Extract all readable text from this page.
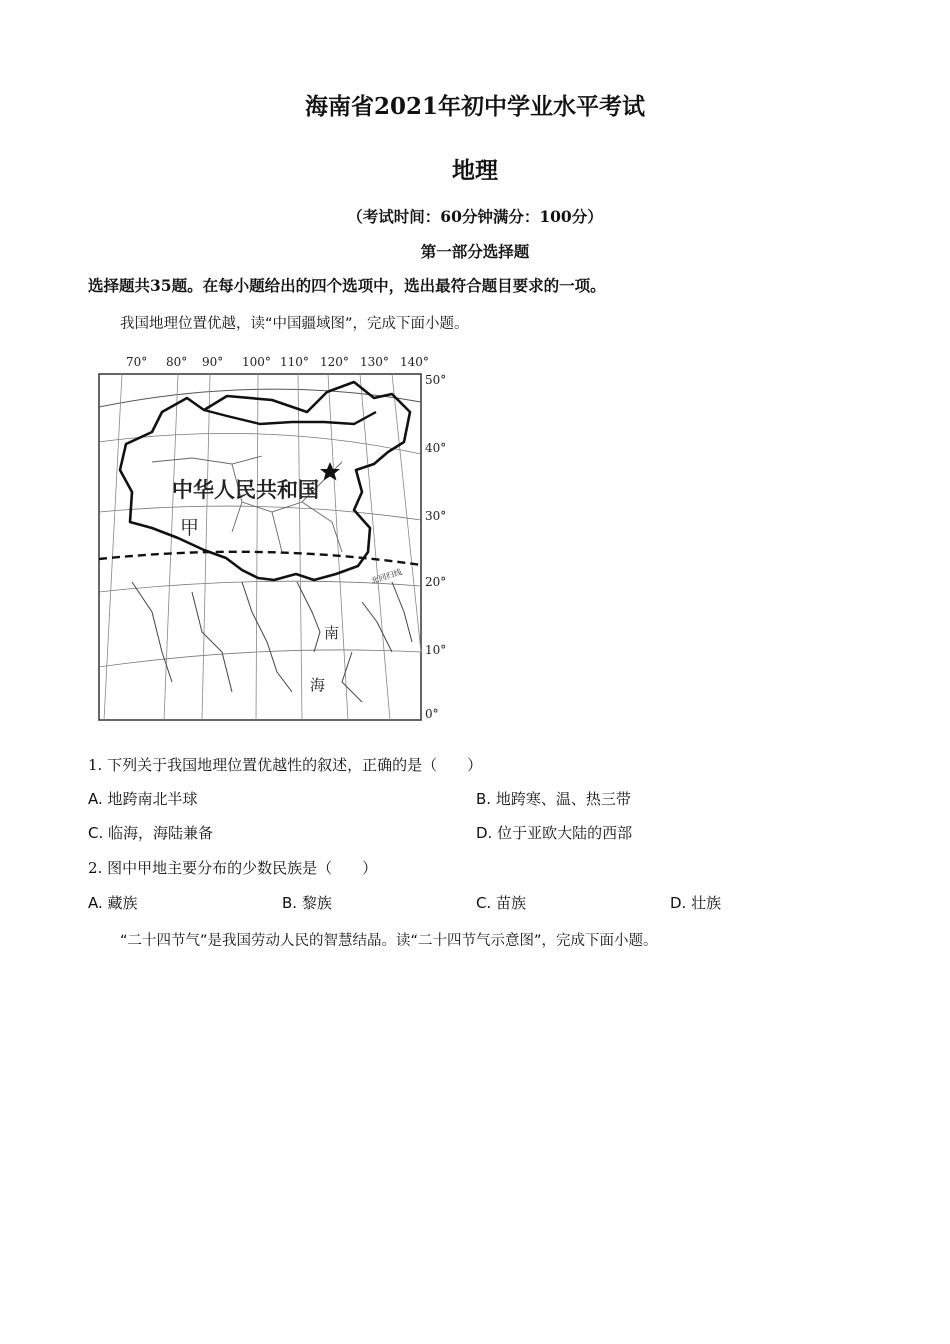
海南省2021年初中学业水平考试
地理
（考试时间：60分钟满分：100分）
第一部分选择题
选择题共35题。在每小题给出的四个选项中，选出最符合题目要求的一项。
我国地理位置优越，读“中国疆域图”，完成下面小题。
70° 80° 90° 100° 110° 120° 130° 140°
50°
40°
30°
20°
10°
0°
中华人民共和国
甲
北回归线
南
海
1. 下列关于我国地理位置优越性的叙述，正确的是（　　）
A. 地跨南北半球	B. 地跨寒、温、热三带
C. 临海，海陆兼备	D. 位于亚欧大陆的西部
2. 图中甲地主要分布的少数民族是（　　）
A. 藏族	B. 黎族	C. 苗族	D. 壮族
“二十四节气”是我国劳动人民的智慧结晶。读“二十四节气示意图”，完成下面小题。
